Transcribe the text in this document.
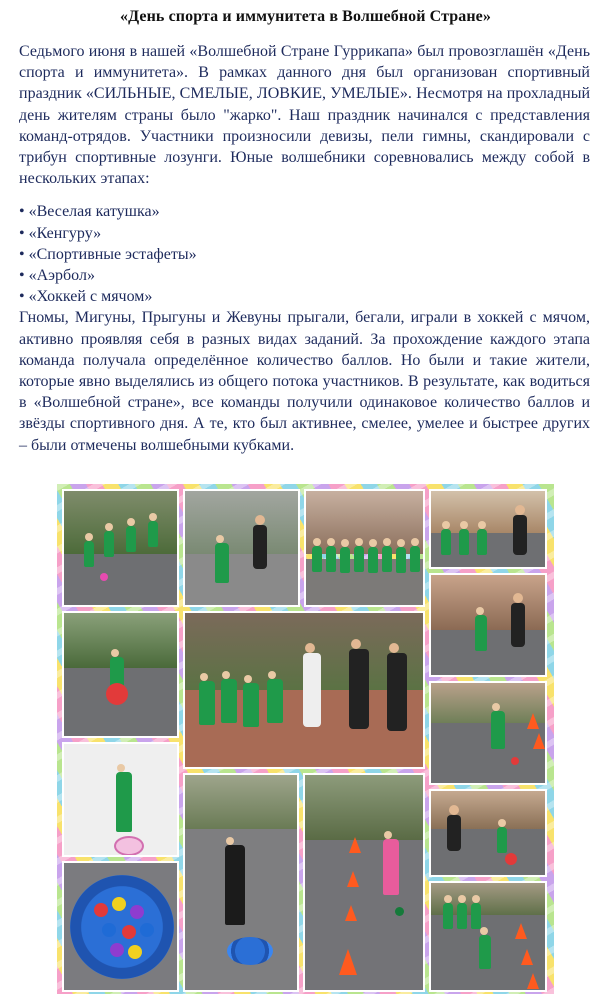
«День спорта и иммунитета в Волшебной Стране»

Седьмого июня в нашей «Волшебной Стране Гуррикапа» был провозглашён «День спорта и иммунитета». В рамках данного дня был организован спортивный праздник «СИЛЬНЫЕ, СМЕЛЫЕ, ЛОВКИЕ, УМЕЛЫЕ». Несмотря на прохладный день жителям страны было "жарко". Наш праздник начинался с представления команд-отрядов. Участники произносили девизы, пели гимны, скандировали с трибун спортивные лозунги. Юные волшебники соревновались между собой в нескольких этапах:

• «Веселая катушка»
• «Кенгуру»
• «Спортивные эстафеты»
• «Аэрбол»
• «Хоккей с мячом»

Гномы, Мигуны, Прыгуны и Жевуны прыгали, бегали, играли в хоккей с мячом, активно проявляя себя в разных видах заданий. За прохождение каждого этапа команда получала определённое количество баллов. Но были и такие жители, которые явно выделялись из общего потока участников. В результате, как водиться в «Волшебной стране», все команды получили одинаковое количество баллов и звёзды спортивного дня. А те, кто был активнее, смелее, умелее и быстрее других – были отмечены волшебными кубками.
